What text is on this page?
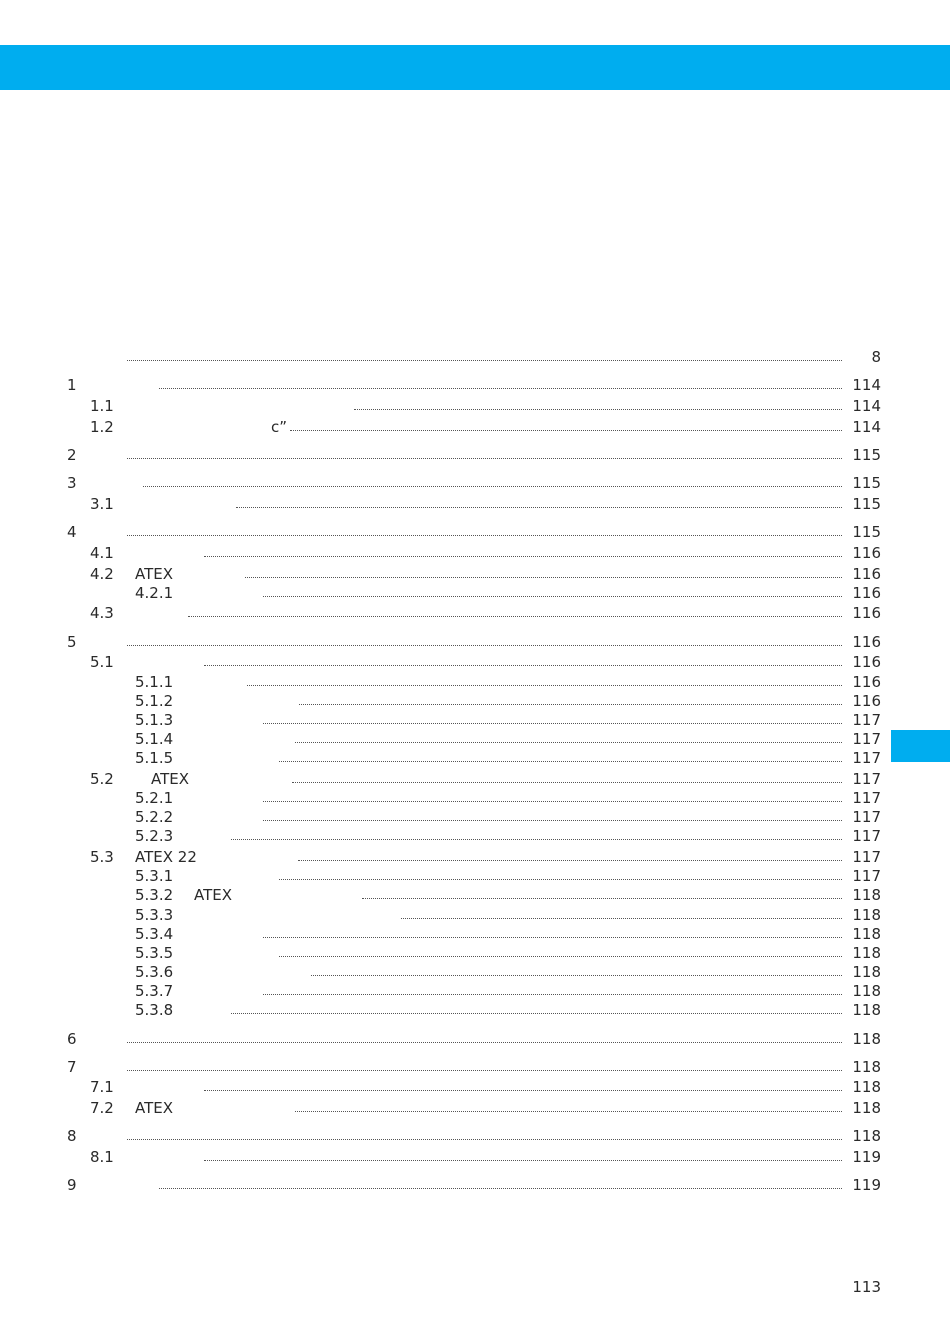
8
1	114
1.1	114
1.2	c”	114
2	115
3	115
3.1	115
4	115
4.1	116
4.2 ATEX	116
4.2.1	116
4.3	116
5	116
5.1	116
5.1.1	116
5.1.2	116
5.1.3	117
5.1.4	117
5.1.5	117
5.2 ATEX	117
5.2.1	117
5.2.2	117
5.2.3	117
5.3 ATEX 22	117
5.3.1	117
5.3.2 ATEX	118
5.3.3	118
5.3.4	118
5.3.5	118
5.3.6	118
5.3.7	118
5.3.8	118
6	118
7	118
7.1	118
7.2 ATEX	118
8	118
8.1	119
9	119
113
